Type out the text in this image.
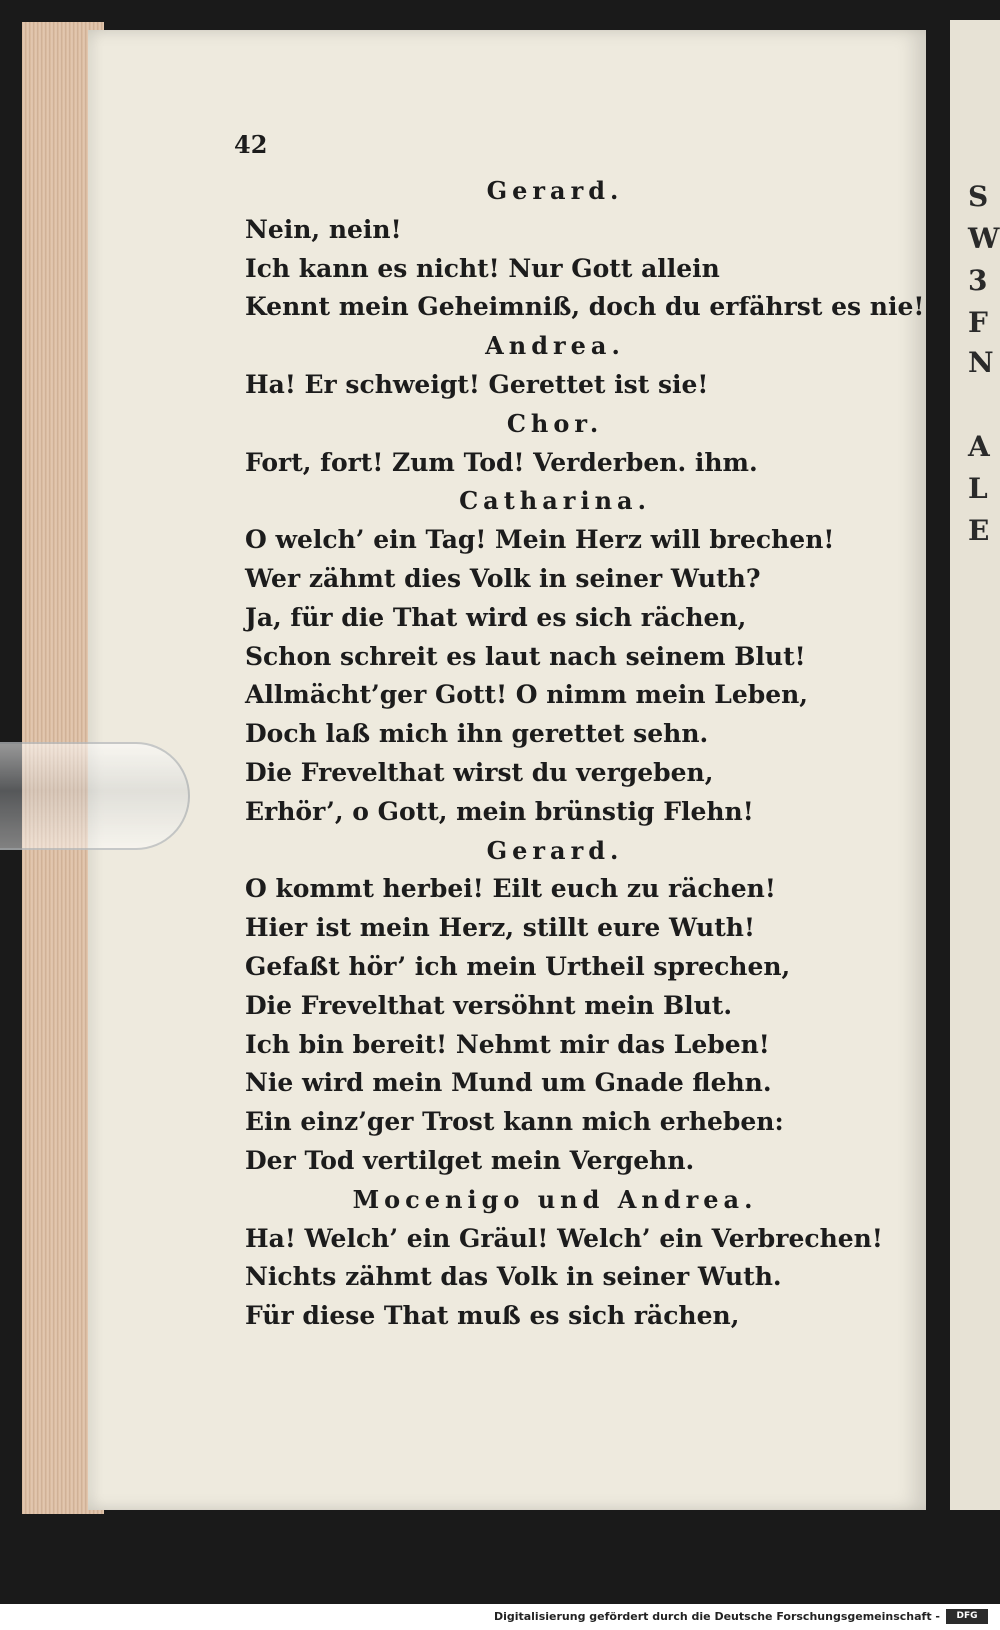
S
W
3
F
N
A
L
E
42
Gerard.
Nein, nein!
Ich kann es nicht! Nur Gott allein
Kennt mein Geheimniß, doch du erfährst es nie!
Andrea.
Ha! Er schweigt! Gerettet ist sie!
Chor.
Fort, fort! Zum Tod! Verderben. ihm.
Catharina.
O welch’ ein Tag! Mein Herz will brechen!
Wer zähmt dies Volk in seiner Wuth?
Ja, für die That wird es sich rächen,
Schon schreit es laut nach seinem Blut!
Allmächt’ger Gott! O nimm mein Leben,
Doch laß mich ihn gerettet sehn.
Die Frevelthat wirst du vergeben,
Erhör’, o Gott, mein brünstig Flehn!
Gerard.
O kommt herbei! Eilt euch zu rächen!
Hier ist mein Herz, stillt eure Wuth!
Gefaßt hör’ ich mein Urtheil sprechen,
Die Frevelthat versöhnt mein Blut.
Ich bin bereit! Nehmt mir das Leben!
Nie wird mein Mund um Gnade flehn.
Ein einz’ger Trost kann mich erheben:
Der Tod vertilget mein Vergehn.
Mocenigo und Andrea.
Ha! Welch’ ein Gräul! Welch’ ein Verbrechen!
Nichts zähmt das Volk in seiner Wuth.
Für diese That muß es sich rächen,
Digitalisierung gefördert durch die Deutsche Forschungsgemeinschaft -	DFG
